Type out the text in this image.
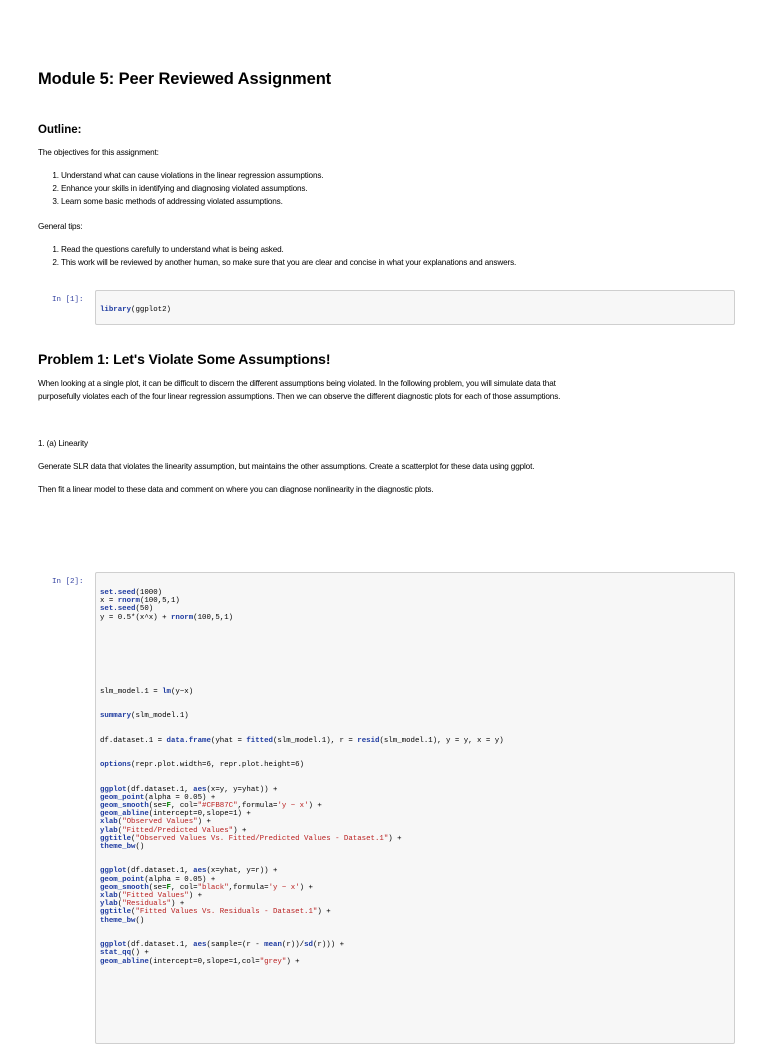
Module 5: Peer Reviewed Assignment
Outline:

The objectives for this assignment:

1. Understand what can cause violations in the linear regression assumptions.
2. Enhance your skills in identifying and diagnosing violated assumptions.
3. Learn some basic methods of addressing violated assumptions.

General tips:

1. Read the questions carefully to understand what is being asked.
2. This work will be reviewed by another human, so make sure that you are clear and concise in what your explanations and answers.
In [1]:
library(ggplot2)
Problem 1: Let's Violate Some Assumptions!

When looking at a single plot, it can be difficult to discern the different assumptions being violated. In the following problem, you will simulate data that

purposefully violates each of the four linear regression assumptions. Then we can observe the different diagnostic plots for each of those assumptions.

1. (a) Linearity

Generate SLR data that violates the linearity assumption, but maintains the other assumptions. Create a scatterplot for these data using ggplot.

Then fit a linear model to these data and comment on where you can diagnose nonlinearity in the diagnostic plots.

In [2]:
set.seed(1000)
x = rnorm(100,5,1)
set.seed(50)
y = 0.5*(x^x) + rnorm(100,5,1)

slm_model.1 = lm(y~x)

summary(slm_model.1)

df.dataset.1 = data.frame(yhat = fitted(slm_model.1), r = resid(slm_model.1), y = y, x = y)

options(repr.plot.width=6, repr.plot.height=6)

ggplot(df.dataset.1, aes(x=y, y=yhat)) +
geom_point(alpha = 0.05) +
geom_smooth(se=F, col="#CFB87C",formula='y ~ x') +
geom_abline(intercept=0,slope=1) +
xlab("Observed Values") +
ylab("Fitted/Predicted Values") +
ggtitle("Observed Values Vs. Fitted/Predicted Values - Dataset.1") +
theme_bw()

ggplot(df.dataset.1, aes(x=yhat, y=r)) +
geom_point(alpha = 0.05) +
geom_smooth(se=F, col="black",formula='y ~ x') +
xlab("Fitted Values") +
ylab("Residuals") +
ggtitle("Fitted Values Vs. Residuals - Dataset.1") +
theme_bw()

ggplot(df.dataset.1, aes(sample=(r - mean(r))/sd(r))) +
stat_qq() +
geom_abline(intercept=0,slope=1,col="grey") +
